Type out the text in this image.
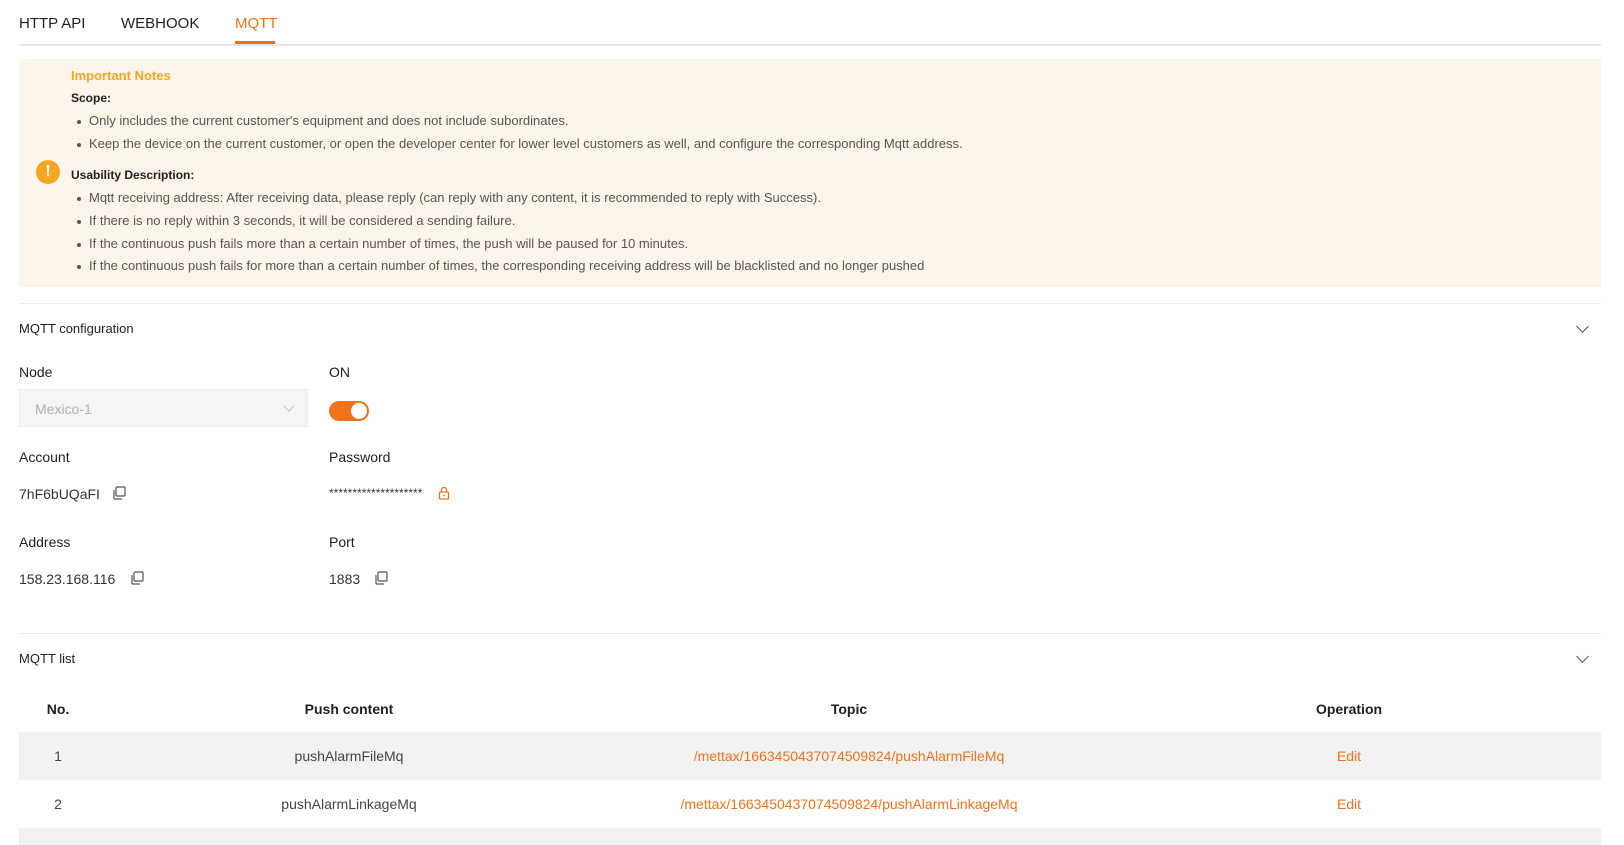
HTTP API WEBHOOK MQTT
!
Important Notes
Scope:
Only includes the current customer's equipment and does not include subordinates.
Keep the device on the current customer, or open the developer center for lower level customers as well, and configure the corresponding Mqtt address.
Usability Description:
Mqtt receiving address: After receiving data, please reply (can reply with any content, it is recommended to reply with Success).
If there is no reply within 3 seconds, it will be considered a sending failure.
If the continuous push fails more than a certain number of times, the push will be paused for 10 minutes.
If the continuous push fails for more than a certain number of times, the corresponding receiving address will be blacklisted and no longer pushed
MQTT configuration
Node
Mexico-1
ON
Account
7hF6bUQaFI
Password
********************
Address
158.23.168.116
Port
1883
MQTT list
No.	Push content	Topic	Operation
1	pushAlarmFileMq	/mettax/1663450437074509824/pushAlarmFileMq	Edit
2	pushAlarmLinkageMq	/mettax/1663450437074509824/pushAlarmLinkageMq	Edit
